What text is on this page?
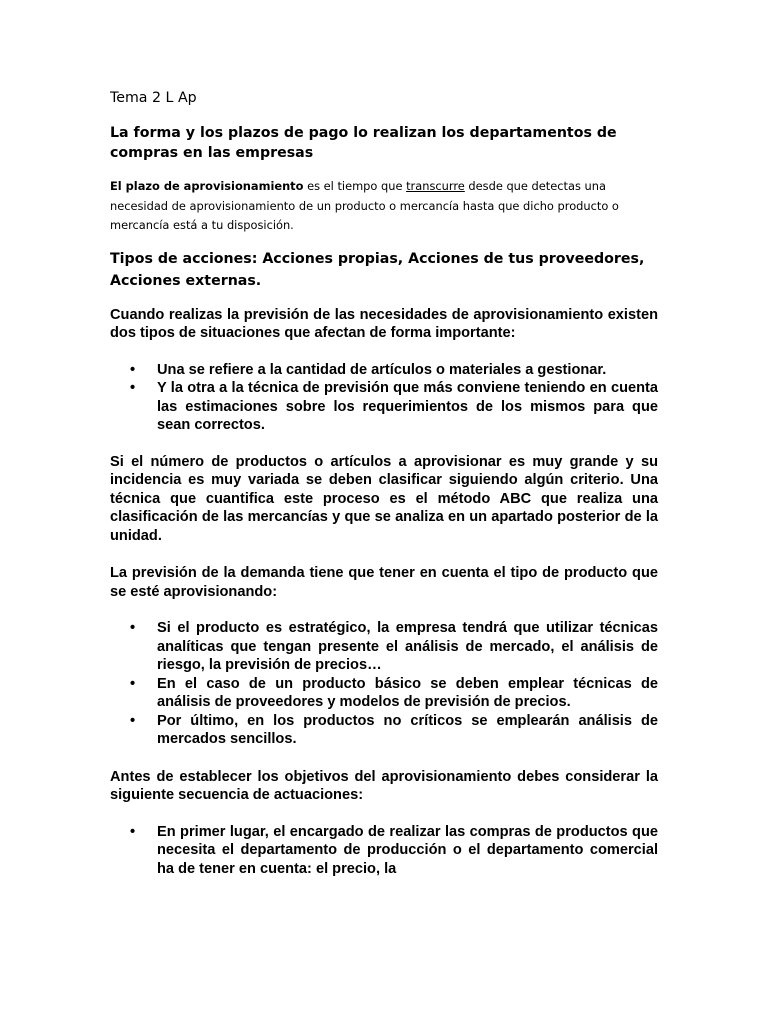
Tema 2 L Ap

La forma y los plazos de pago lo realizan los departamentos de compras en las empresas

El plazo de aprovisionamiento es el tiempo que transcurre desde que detectas una necesidad de aprovisionamiento de un producto o mercancía hasta que dicho producto o mercancía está a tu disposición.

Tipos de acciones: Acciones propias, Acciones de tus proveedores, Acciones externas.

Cuando realizas la previsión de las necesidades de aprovisionamiento existen dos tipos de situaciones que afectan de forma importante:

• Una se refiere a la cantidad de artículos o materiales a gestionar.
• Y la otra a la técnica de previsión que más conviene teniendo en cuenta las estimaciones sobre los requerimientos de los mismos para que sean correctos.

Si el número de productos o artículos a aprovisionar es muy grande y su incidencia es muy variada se deben clasificar siguiendo algún criterio. Una técnica que cuantifica este proceso es el método ABC que realiza una clasificación de las mercancías y que se analiza en un apartado posterior de la unidad.

La previsión de la demanda tiene que tener en cuenta el tipo de producto que se esté aprovisionando:

• Si el producto es estratégico, la empresa tendrá que utilizar técnicas analíticas que tengan presente el análisis de mercado, el análisis de riesgo, la previsión de precios…
• En el caso de un producto básico se deben emplear técnicas de análisis de proveedores y modelos de previsión de precios.
• Por último, en los productos no críticos se emplearán análisis de mercados sencillos.

Antes de establecer los objetivos del aprovisionamiento debes considerar la siguiente secuencia de actuaciones:

• En primer lugar, el encargado de realizar las compras de productos que necesita el departamento de producción o el departamento comercial ha de tener en cuenta: el precio, la
